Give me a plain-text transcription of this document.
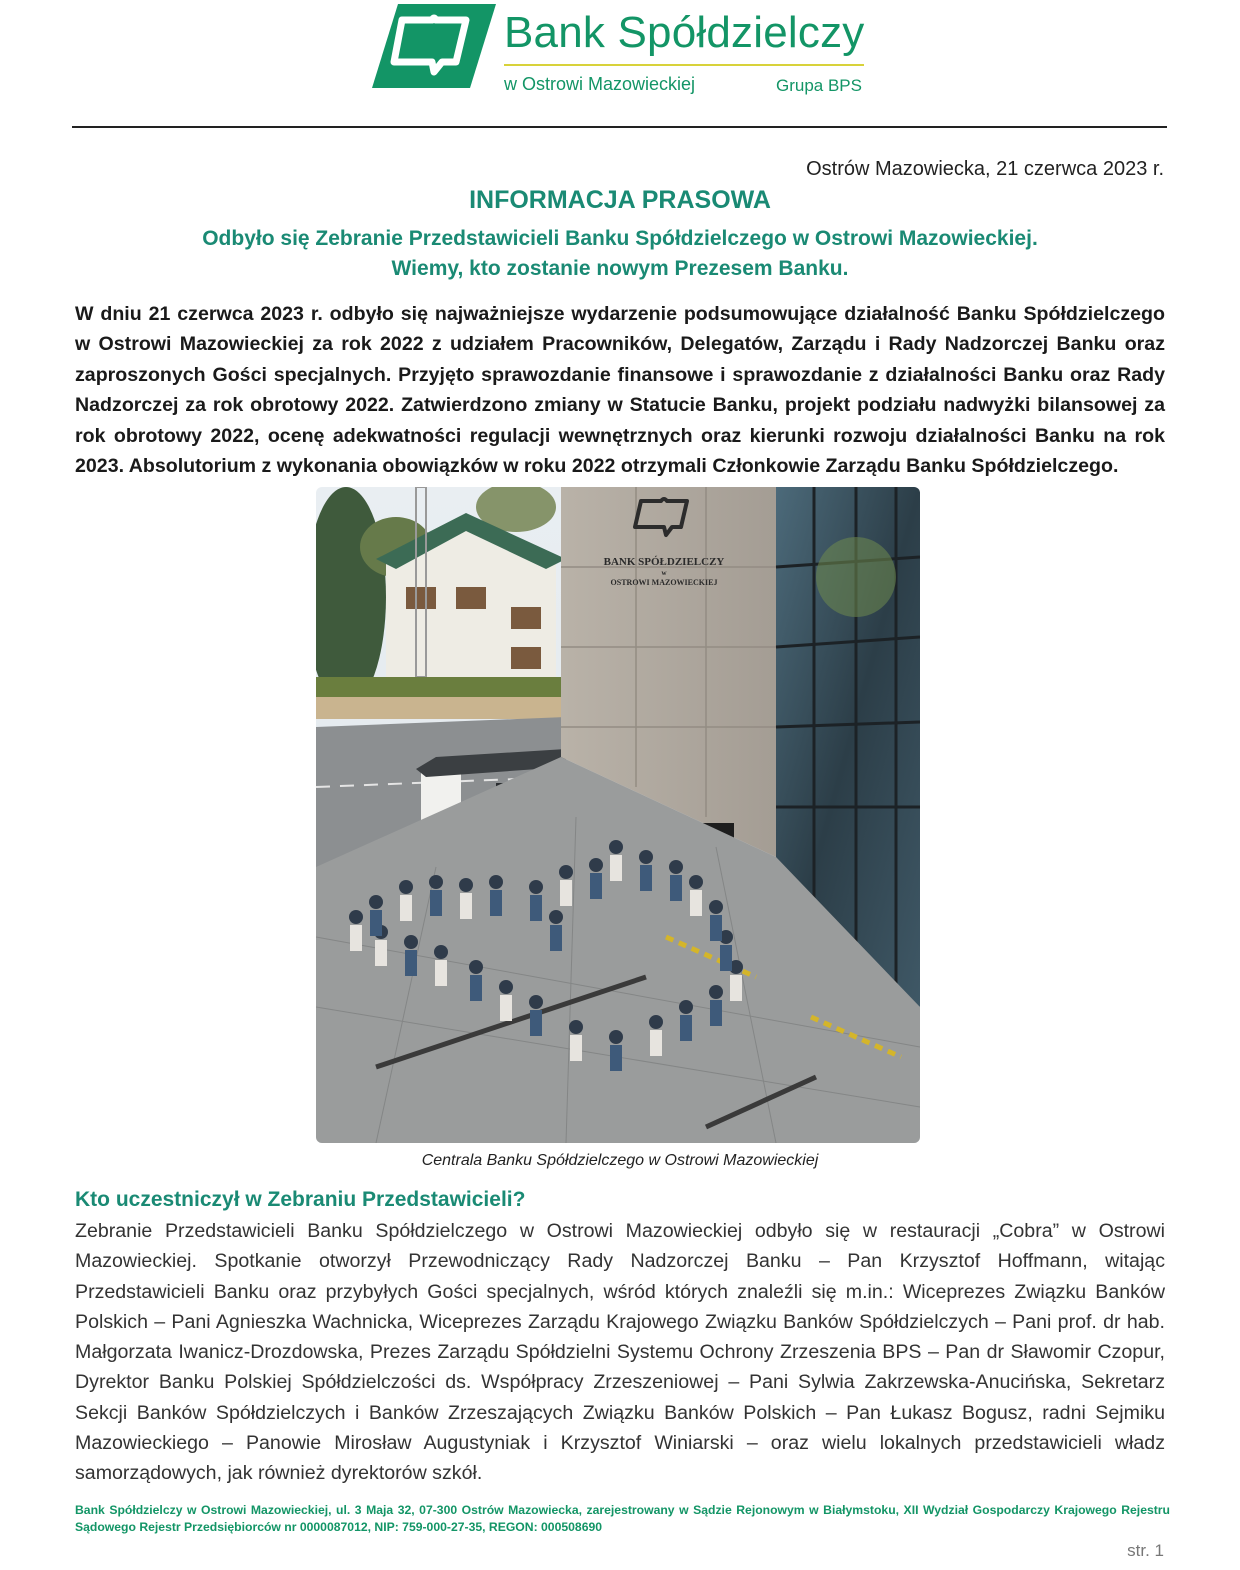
Bank Spółdzielczy
w Ostrowi Mazowieckiej	Grupa BPS
Ostrów Mazowiecka, 21 czerwca 2023 r.
INFORMACJA PRASOWA
Odbyło się Zebranie Przedstawicieli Banku Spółdzielczego w Ostrowi Mazowieckiej.
Wiemy, kto zostanie nowym Prezesem Banku.
W dniu 21 czerwca 2023 r. odbyło się najważniejsze wydarzenie podsumowujące działalność Banku Spółdzielczego w Ostrowi Mazowieckiej za rok 2022 z udziałem Pracowników, Delegatów, Zarządu i Rady Nadzorczej Banku oraz zaproszonych Gości specjalnych. Przyjęto sprawozdanie finansowe i sprawozdanie z działalności Banku oraz Rady Nadzorczej za rok obrotowy 2022. Zatwierdzono zmiany w Statucie Banku, projekt podziału nadwyżki bilansowej za rok obrotowy 2022, ocenę adekwatności regulacji wewnętrznych oraz kierunki rozwoju działalności Banku na rok 2023. Absolutorium z wykonania obowiązków w roku 2022 otrzymali Członkowie Zarządu Banku Spółdzielczego.
BANK SPÓŁDZIELCZY
w
OSTROWI MAZOWIECKIEJ
Centrala Banku Spółdzielczego w Ostrowi Mazowieckiej
Kto uczestniczył w Zebraniu Przedstawicieli?
Zebranie Przedstawicieli Banku Spółdzielczego w Ostrowi Mazowieckiej odbyło się w restauracji „Cobra” w Ostrowi Mazowieckiej. Spotkanie otworzył Przewodniczący Rady Nadzorczej Banku – Pan Krzysztof Hoffmann, witając Przedstawicieli Banku oraz przybyłych Gości specjalnych, wśród których znaleźli się m.in.: Wiceprezes Związku Banków Polskich – Pani Agnieszka Wachnicka, Wiceprezes Zarządu Krajowego Związku Banków Spółdzielczych – Pani prof. dr hab. Małgorzata Iwanicz-Drozdowska, Prezes Zarządu Spółdzielni Systemu Ochrony Zrzeszenia BPS – Pan dr Sławomir Czopur, Dyrektor Banku Polskiej Spółdzielczości ds. Współpracy Zrzeszeniowej – Pani Sylwia Zakrzewska-Anucińska, Sekretarz Sekcji Banków Spółdzielczych i Banków Zrzeszających Związku Banków Polskich – Pan Łukasz Bogusz, radni Sejmiku Mazowieckiego – Panowie Mirosław Augustyniak i Krzysztof Winiarski – oraz wielu lokalnych przedstawicieli władz samorządowych, jak również dyrektorów szkół.
Bank Spółdzielczy w Ostrowi Mazowieckiej, ul. 3 Maja 32, 07-300 Ostrów Mazowiecka, zarejestrowany w Sądzie Rejonowym w Białymstoku, XII Wydział Gospodarczy Krajowego Rejestru Sądowego Rejestr Przedsiębiorców nr 0000087012, NIP: 759-000-27-35, REGON: 000508690
str. 1
